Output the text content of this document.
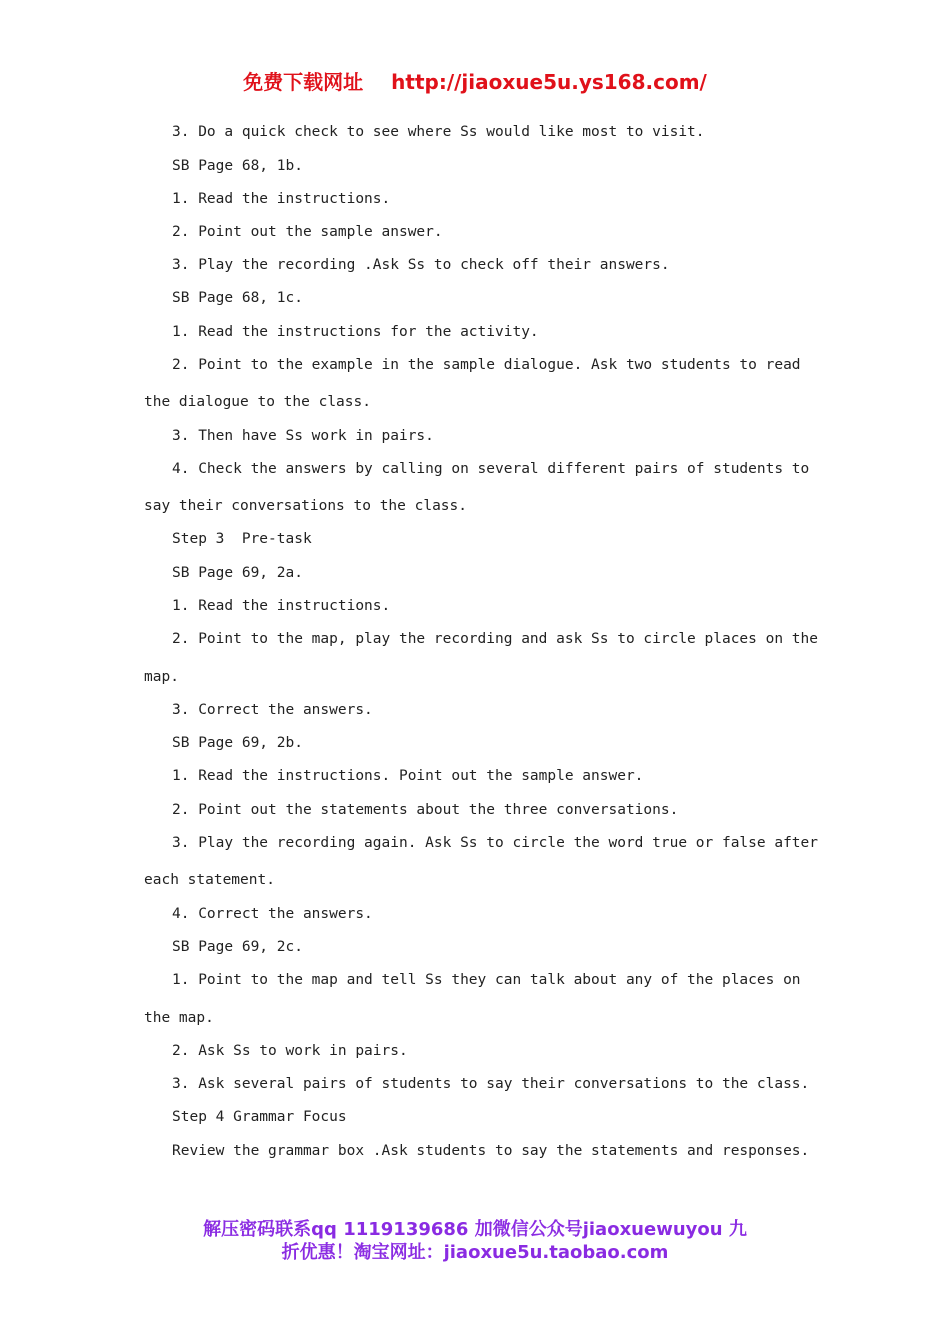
免费下载网址 http://jiaoxue5u.ys168.com/
3. Do a quick check to see where Ss would like most to visit.
SB Page 68, 1b.
1. Read the instructions.
2. Point out the sample answer.
3. Play the recording .Ask Ss to check off their answers.
SB Page 68, 1c.
1. Read the instructions for the activity.
2. Point to the example in the sample dialogue. Ask two students to read
the dialogue to the class.
3. Then have Ss work in pairs.
4. Check the answers by calling on several different pairs of students to
say their conversations to the class.
Step 3  Pre-task
SB Page 69, 2a.
1. Read the instructions.
2. Point to the map, play the recording and ask Ss to circle places on the
map.
3. Correct the answers.
SB Page 69, 2b.
1. Read the instructions. Point out the sample answer.
2. Point out the statements about the three conversations.
3. Play the recording again. Ask Ss to circle the word true or false after
each statement.
4. Correct the answers.
SB Page 69, 2c.
1. Point to the map and tell Ss they can talk about any of the places on
the map.
2. Ask Ss to work in pairs.
3. Ask several pairs of students to say their conversations to the class.
Step 4 Grammar Focus
Review the grammar box .Ask students to say the statements and responses.
解压密码联系qq 1119139686 加微信公众号jiaoxuewuyou 九
折优惠！淘宝网址：jiaoxue5u.taobao.com
